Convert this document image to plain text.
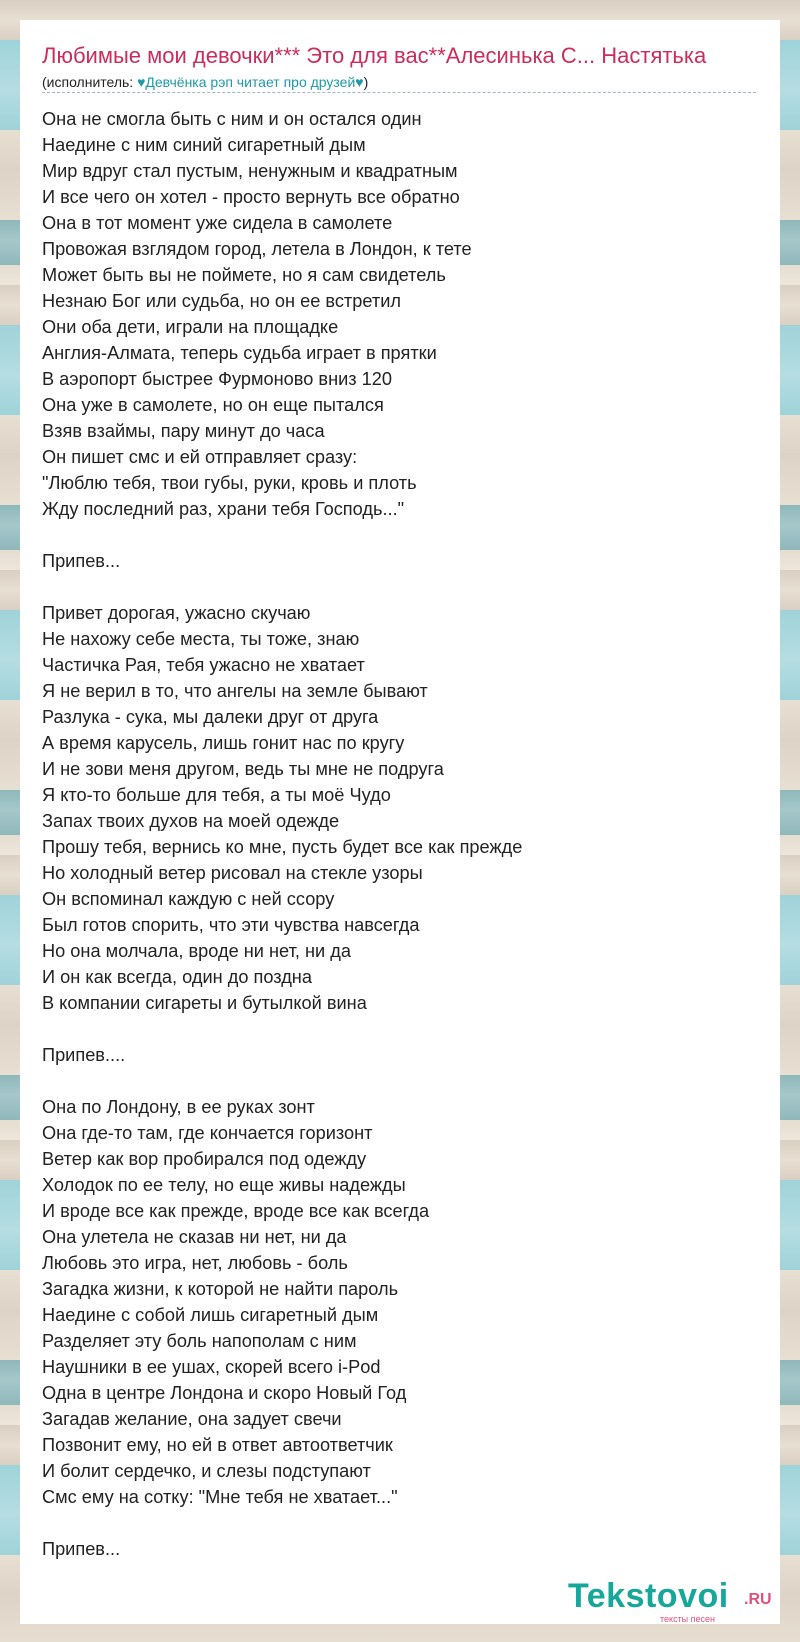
Любимые мои девочки*** Это для вас**Алесинька С... Настятька
(исполнитель: ♥Девчёнка рэп читает про друзей♥)
Она не смогла быть с ним и он остался один
Наедине с ним синий сигаретный дым
Мир вдруг стал пустым, ненужным и квадратным
И все чего он хотел - просто вернуть все обратно
Она в тот момент уже сидела в самолете
Провожая взглядом город, летела в Лондон, к тете
Может быть вы не поймете, но я сам свидетель
Незнаю Бог или судьба, но он ее встретил
Они оба дети, играли на площадке
Англия-Алмата, теперь судьба играет в прятки
В аэропорт быстрее Фурмоново вниз 120
Она уже в самолете, но он еще пытался
Взяв взаймы, пару минут до часа
Он пишет смс и ей отправляет сразу:
"Люблю тебя, твои губы, руки, кровь и плоть
Жду последний раз, храни тебя Господь..."
Припев...
Привет дорогая, ужасно скучаю
Не нахожу себе места, ты тоже, знаю
Частичка Рая, тебя ужасно не хватает
Я не верил в то, что ангелы на земле бывают
Разлука - сука, мы далеки друг от друга
А время карусель, лишь гонит нас по кругу
И не зови меня другом, ведь ты мне не подруга
Я кто-то больше для тебя, а ты моё Чудо
Запах твоих духов на моей одежде
Прошу тебя, вернись ко мне, пусть будет все как прежде
Но холодный ветер рисовал на стекле узоры
Он вспоминал каждую с ней ссору
Был готов спорить, что эти чувства навсегда
Но она молчала, вроде ни нет, ни да
И он как всегда, один до поздна
В компании сигареты и бутылкой вина
Припев....
Она по Лондону, в ее руках зонт
Она где-то там, где кончается горизонт
Ветер как вор пробирался под одежду
Холодок по ее телу, но еще живы надежды
И вроде все как прежде, вроде все как всегда
Она улетела не сказав ни нет, ни да
Любовь это игра, нет, любовь - боль
Загадка жизни, к которой не найти пароль
Наедине с собой лишь сигаретный дым
Разделяет эту боль напополам с ним
Наушники в ее ушах, скорей всего i-Pod
Одна в центре Лондона и скоро Новый Год
Загадав желание, она задует свечи
Позвонит ему, но ей в ответ автоответчик
И болит сердечко, и слезы подступают
Смс ему на сотку: "Мне тебя не хватает..."
Припев...
Tekstovoi .RU
тексты песен
